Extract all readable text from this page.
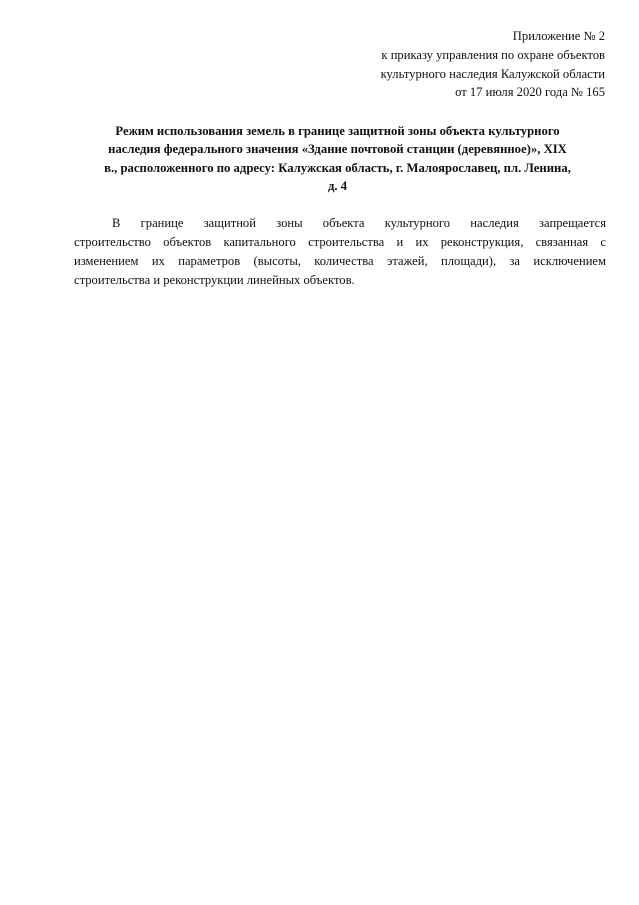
Приложение № 2
к приказу управления по охране объектов
культурного наследия Калужской области
от 17 июля 2020 года № 165
Режим использования земель в границе защитной зоны объекта культурного
наследия федерального значения «Здание почтовой станции (деревянное)», XIX
в., расположенного по адресу: Калужская область, г. Малоярославец, пл. Ленина,
д. 4
В границе защитной зоны объекта культурного наследия запрещается
строительство объектов капитального строительства и их реконструкция, связанная с
изменением их параметров (высоты, количества этажей, площади), за исключением
строительства и реконструкции линейных объектов.
